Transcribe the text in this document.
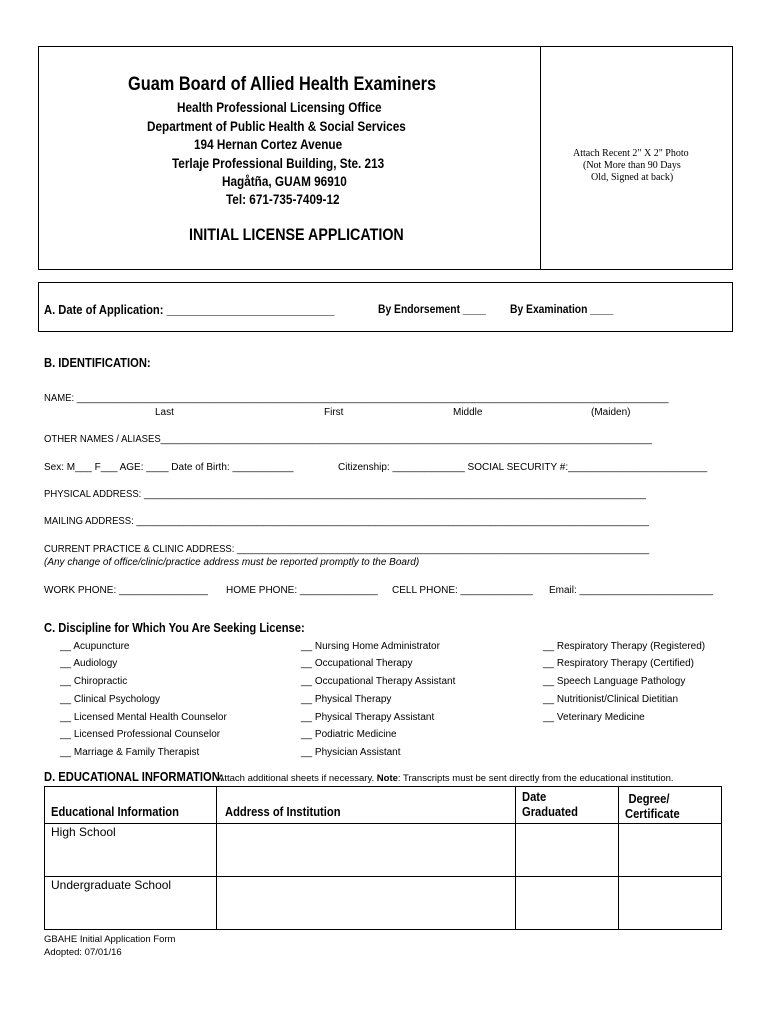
Guam Board of Allied Health Examiners
Health Professional Licensing Office
Department of Public Health & Social Services
194 Hernan Cortez Avenue
Terlaje Professional Building, Ste. 213
Hagåtña, GUAM 96910
Tel: 671-735-7409-12
INITIAL LICENSE APPLICATION
Attach Recent 2" X 2" Photo
(Not More than 90 Days
Old, Signed at back)
A. Date of Application: ___________________________	By Endorsement ____ By Examination ____
B. IDENTIFICATION:
NAME: ________________________________________________________________________________________________________________
Last	First	Middle	(Maiden)
OTHER NAMES / ALIASES_____________________________________________________________________________________________
Sex: M___ F___ AGE: ____ Date of Birth: ___________	Citizenship: _____________ SOCIAL SECURITY #:_________________________
PHYSICAL ADDRESS: _______________________________________________________________________________________________
MAILING ADDRESS: _________________________________________________________________________________________________
CURRENT PRACTICE & CLINIC ADDRESS: ______________________________________________________________________________
(Any change of office/clinic/practice address must be reported promptly to the Board)
WORK PHONE: ________________ HOME PHONE: ______________ CELL PHONE: _____________ Email: ________________________
C. Discipline for Which You Are Seeking License:
__ Acupuncture
__ Audiology
__ Chiropractic
__ Clinical Psychology
__ Licensed Mental Health Counselor
__ Licensed Professional Counselor
__ Marriage & Family Therapist
__ Nursing Home Administrator
__ Occupational Therapy
__ Occupational Therapy Assistant
__ Physical Therapy
__ Physical Therapy Assistant
__ Podiatric Medicine
__ Physician Assistant
__ Respiratory Therapy (Registered)
__ Respiratory Therapy (Certified)
__ Speech Language Pathology
__ Nutritionist/Clinical Dietitian
__ Veterinary Medicine
D. EDUCATIONAL INFORMATION:
Attach additional sheets if necessary. Note: Transcripts must be sent directly from the educational institution.
Educational Information	Address of Institution	Date Graduated	Degree/
Certificate

High School			
Undergraduate School			
GBAHE Initial Application Form
Adopted: 07/01/16
